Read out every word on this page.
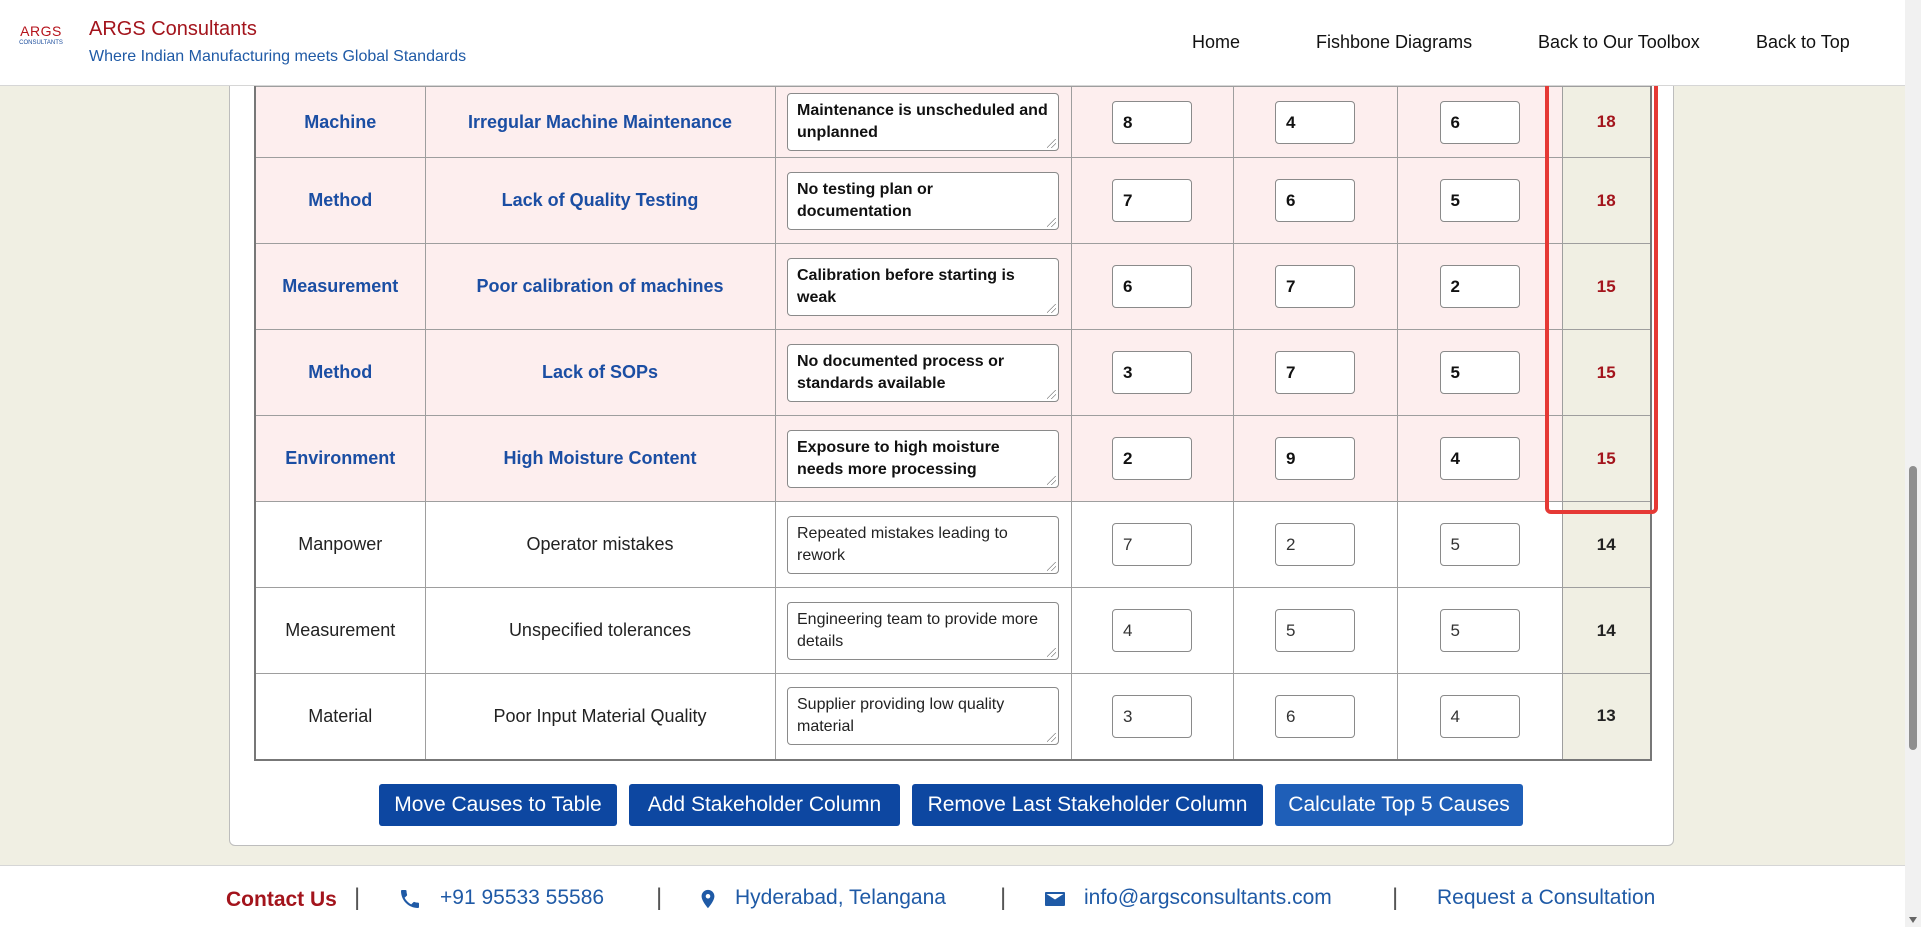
ARGS
CONSULTANTS
ARGS Consultants
Where Indian Manufacturing meets Global Standards
Home	Fishbone Diagrams	Back to Our Toolbox	Back to Top
Machine	Irregular Machine Maintenance	Maintenance is unscheduled and unplanned	8	4	6	18
Method	Lack of Quality Testing	No testing plan or documentation	7	6	5	18
Measurement	Poor calibration of machines	Calibration before starting is weak	6	7	2	15
Method	Lack of SOPs	No documented process or standards available	3	7	5	15
Environment	High Moisture Content	Exposure to high moisture needs more processing	2	9	4	15
Manpower	Operator mistakes	Repeated mistakes leading to rework	7	2	5	14
Measurement	Unspecified tolerances	Engineering team to provide more details	4	5	5	14
Material	Poor Input Material Quality	Supplier providing low quality material	3	6	4	13
Move Causes to Table	Add Stakeholder Column	Remove Last Stakeholder Column	Calculate Top 5 Causes
Contact Us |	+91 95533 55586 |	Hyderabad, Telangana |	info@argsconsultants.com	| Request a Consultation
